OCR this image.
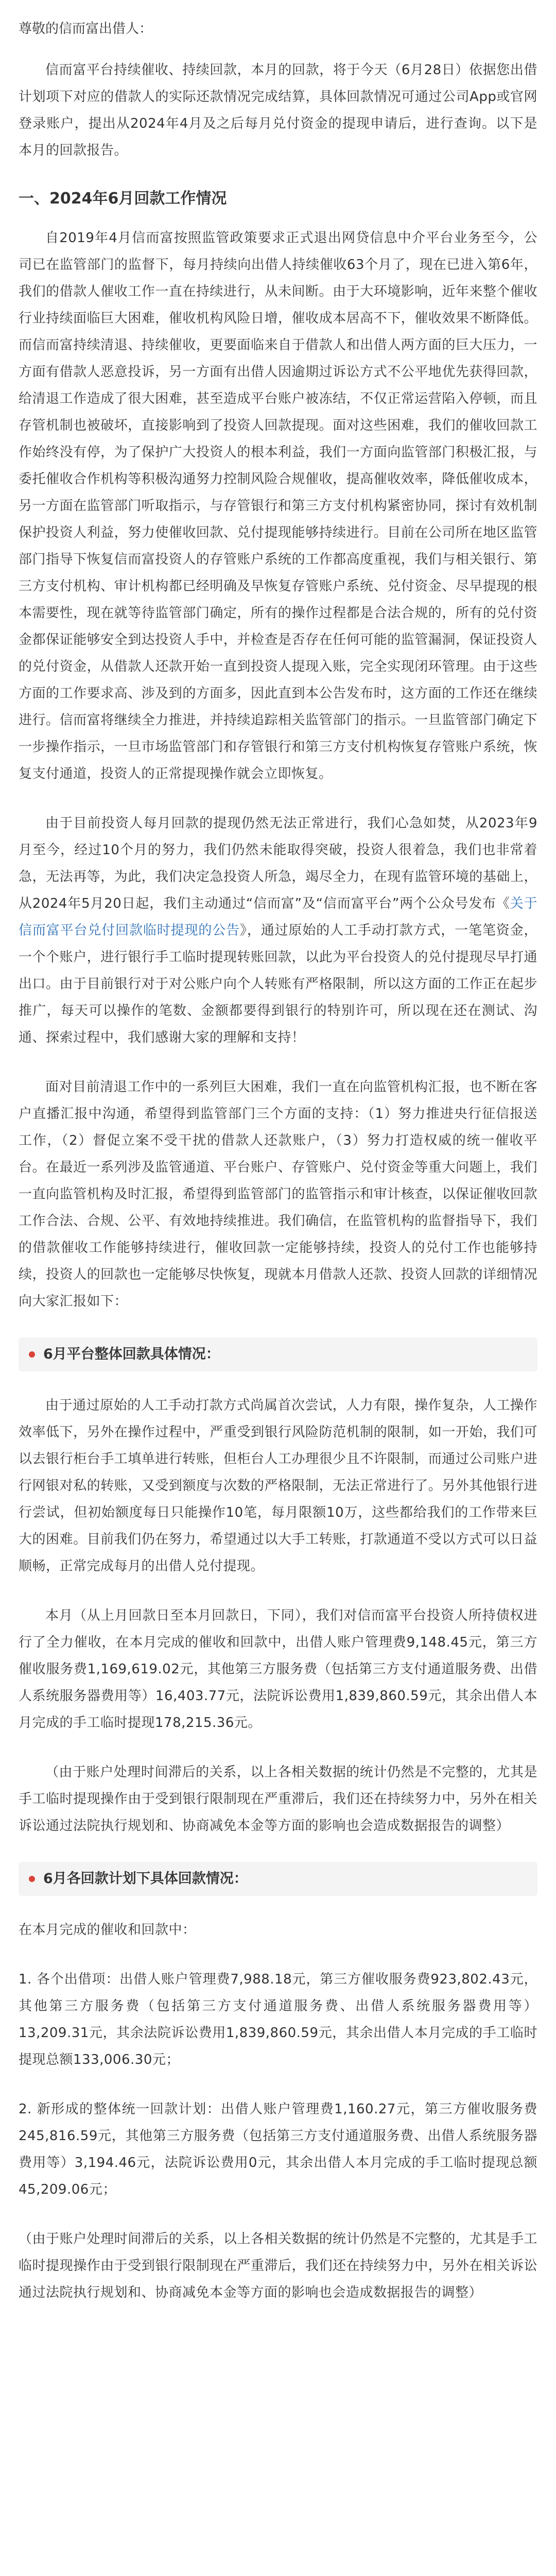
尊敬的信而富出借人：

信而富平台持续催收、持续回款，本月的回款，将于今天（6月28日）依据您出借计划项下对应的借款人的实际还款情况完成结算，具体回款情况可通过公司App或官网登录账户，提出从2024年4月及之后每月兑付资金的提现申请后，进行查询。以下是本月的回款报告。

一、2024年6月回款工作情况

自2019年4月信而富按照监管政策要求正式退出网贷信息中介平台业务至今，公司已在监管部门的监督下，每月持续向出借人持续催收63个月了，现在已进入第6年，我们的借款人催收工作一直在持续进行，从未间断。由于大环境影响，近年来整个催收行业持续面临巨大困难，催收机构风险日增，催收成本居高不下，催收效果不断降低。而信而富持续清退、持续催收，更要面临来自于借款人和出借人两方面的巨大压力，一方面有借款人恶意投诉，另一方面有出借人因逾期过诉讼方式不公平地优先获得回款，给清退工作造成了很大困难，甚至造成平台账户被冻结，不仅正常运营陷入停顿，而且存管机制也被破坏，直接影响到了投资人回款提现。面对这些困难，我们的催收回款工作始终没有停，为了保护广大投资人的根本利益，我们一方面向监管部门积极汇报，与委托催收合作机构等积极沟通努力控制风险合规催收，提高催收效率，降低催收成本，另一方面在监管部门听取指示，与存管银行和第三方支付机构紧密协同，探讨有效机制保护投资人利益，努力使催收回款、兑付提现能够持续进行。目前在公司所在地区监管部门指导下恢复信而富投资人的存管账户系统的工作都高度重视，我们与相关银行、第三方支付机构、审计机构都已经明确及早恢复存管账户系统、兑付资金、尽早提现的根本需要性，现在就等待监管部门确定，所有的操作过程都是合法合规的，所有的兑付资金都保证能够安全到达投资人手中，并检查是否存在任何可能的监管漏洞，保证投资人的兑付资金，从借款人还款开始一直到投资人提现入账，完全实现闭环管理。由于这些方面的工作要求高、涉及到的方面多，因此直到本公告发布时，这方面的工作还在继续进行。信而富将继续全力推进，并持续追踪相关监管部门的指示。一旦监管部门确定下一步操作指示，一旦市场监管部门和存管银行和第三方支付机构恢复存管账户系统，恢复支付通道，投资人的正常提现操作就会立即恢复。

由于目前投资人每月回款的提现仍然无法正常进行，我们心急如焚，从2023年9月至今，经过10个月的努力，我们仍然未能取得突破，投资人很着急，我们也非常着急，无法再等，为此，我们决定急投资人所急，竭尽全力，在现有监管环境的基础上，从2024年5月20日起，我们主动通过“信而富”及“信而富平台”两个公众号发布《关于信而富平台兑付回款临时提现的公告》，通过原始的人工手动打款方式，一笔笔资金，一个个账户，进行银行手工临时提现转账回款，以此为平台投资人的兑付提现尽早打通出口。由于目前银行对于对公账户向个人转账有严格限制，所以这方面的工作正在起步推广，每天可以操作的笔数、金额都要得到银行的特别许可，所以现在还在测试、沟通、探索过程中，我们感谢大家的理解和支持！

面对目前清退工作中的一系列巨大困难，我们一直在向监管机构汇报，也不断在客户直播汇报中沟通，希望得到监管部门三个方面的支持：（1）努力推进央行征信报送工作，（2）督促立案不受干扰的借款人还款账户，（3）努力打造权威的统一催收平台。在最近一系列涉及监管通道、平台账户、存管账户、兑付资金等重大问题上，我们一直向监管机构及时汇报，希望得到监管部门的监管指示和审计核查，以保证催收回款工作合法、合规、公平、有效地持续推进。我们确信，在监管机构的监督指导下，我们的借款催收工作能够持续进行，催收回款一定能够持续，投资人的兑付工作也能够持续，投资人的回款也一定能够尽快恢复，现就本月借款人还款、投资人回款的详细情况向大家汇报如下：

6月平台整体回款具体情况：

由于通过原始的人工手动打款方式尚属首次尝试，人力有限，操作复杂，人工操作效率低下，另外在操作过程中，严重受到银行风险防范机制的限制，如一开始，我们可以去银行柜台手工填单进行转账，但柜台人工办理很少且不许限制，而通过公司账户进行网银对私的转账，又受到额度与次数的严格限制，无法正常进行了。另外其他银行进行尝试，但初始额度每日只能操作10笔，每月限额10万，这些都给我们的工作带来巨大的困难。目前我们仍在努力，希望通过以大手工转账，打款通道不受以方式可以日益顺畅，正常完成每月的出借人兑付提现。

本月（从上月回款日至本月回款日，下同），我们对信而富平台投资人所持债权进行了全力催收，在本月完成的催收和回款中，出借人账户管理费9,148.45元，第三方催收服务费1,169,619.02元，其他第三方服务费（包括第三方支付通道服务费、出借人系统服务器费用等）16,403.77元，法院诉讼费用1,839,860.59元，其余出借人本月完成的手工临时提现178,215.36元。

（由于账户处理时间滞后的关系，以上各相关数据的统计仍然是不完整的，尤其是手工临时提现操作由于受到银行限制现在严重滞后，我们还在持续努力中，另外在相关诉讼通过法院执行规划和、协商减免本金等方面的影响也会造成数据报告的调整）

6月各回款计划下具体回款情况：

在本月完成的催收和回款中：

1. 各个出借项：出借人账户管理费7,988.18元，第三方催收服务费923,802.43元，其他第三方服务费（包括第三方支付通道服务费、出借人系统服务器费用等）13,209.31元，其余法院诉讼费用1,839,860.59元，其余出借人本月完成的手工临时提现总额133,006.30元；

2. 新形成的整体统一回款计划：出借人账户管理费1,160.27元，第三方催收服务费245,816.59元，其他第三方服务费（包括第三方支付通道服务费、出借人系统服务器费用等）3,194.46元，法院诉讼费用0元，其余出借人本月完成的手工临时提现总额45,209.06元；

（由于账户处理时间滞后的关系，以上各相关数据的统计仍然是不完整的，尤其是手工临时提现操作由于受到银行限制现在严重滞后，我们还在持续努力中，另外在相关诉讼通过法院执行规划和、协商减免本金等方面的影响也会造成数据报告的调整）
